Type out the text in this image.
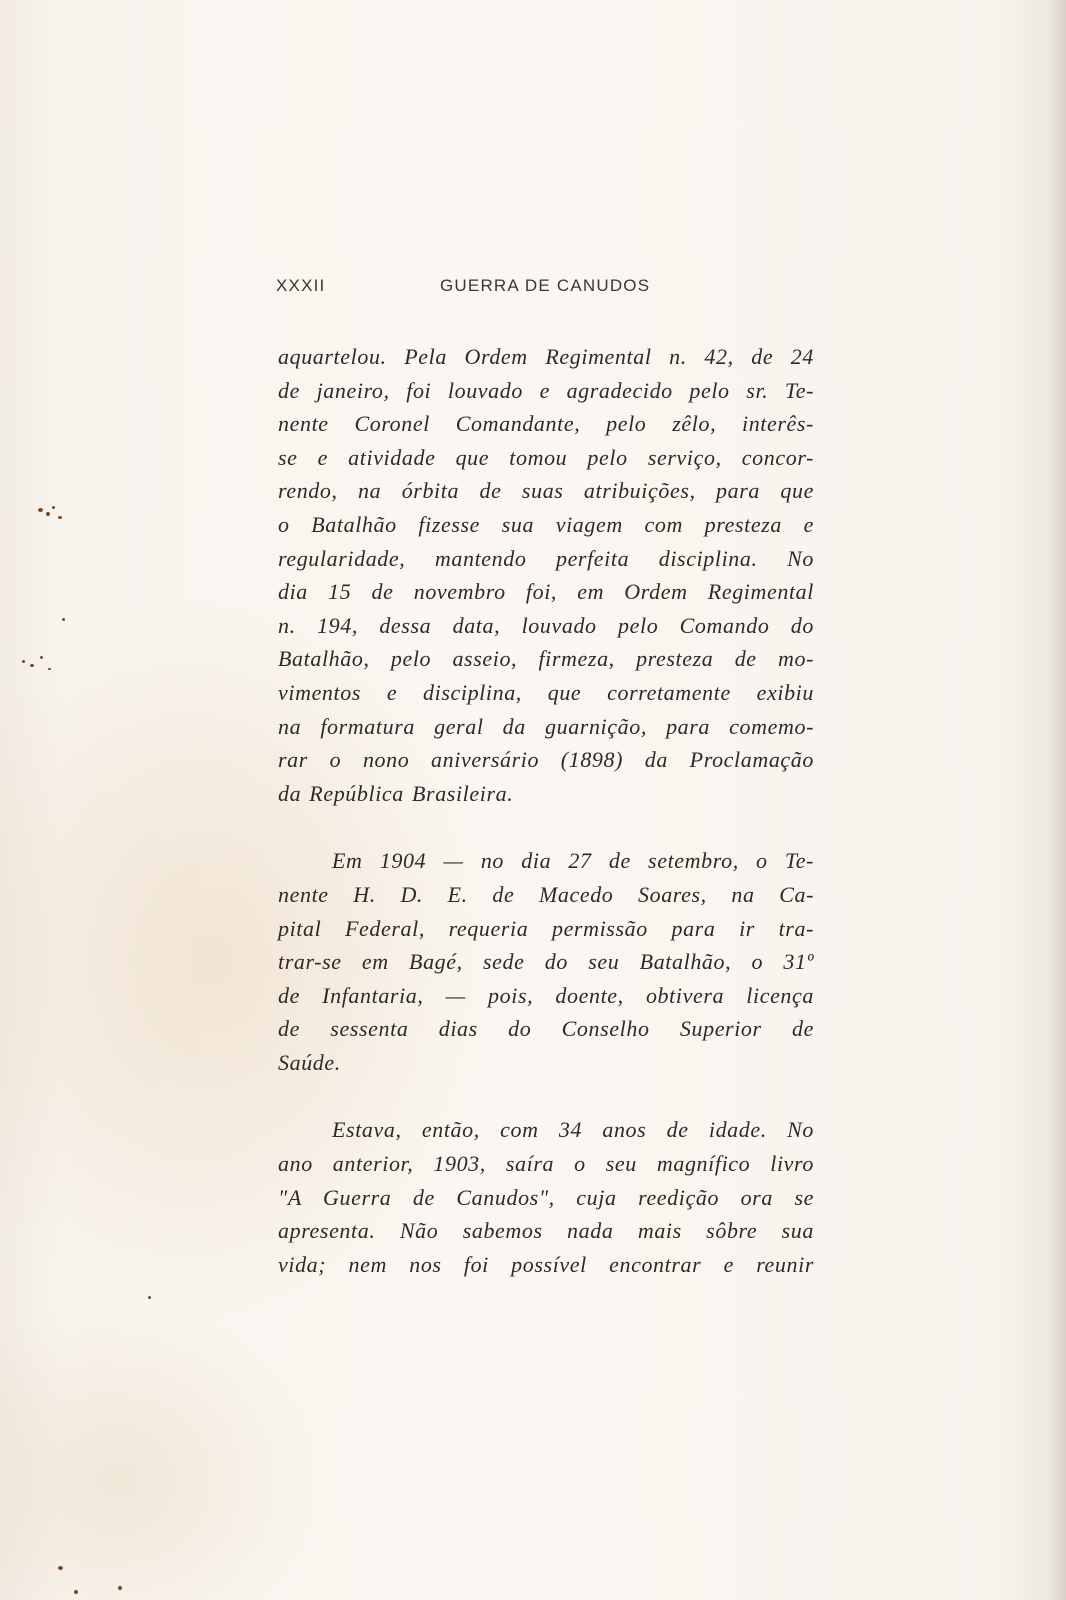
XXXII	GUERRA DE CANUDOS
aquartelou. Pela Ordem Regimental n. 42, de 24
de janeiro, foi louvado e agradecido pelo sr. Te-
nente Coronel Comandante, pelo zêlo, interês-
se e atividade que tomou pelo serviço, concor-
rendo, na órbita de suas atribuições, para que
o Batalhão fizesse sua viagem com presteza e
regularidade, mantendo perfeita disciplina. No
dia 15 de novembro foi, em Ordem Regimental
n. 194, dessa data, louvado pelo Comando do
Batalhão, pelo asseio, firmeza, presteza de mo-
vimentos e disciplina, que corretamente exibiu
na formatura geral da guarnição, para comemo-
rar o nono aniversário (1898) da Proclamação
da República Brasileira.
Em 1904 — no dia 27 de setembro, o Te-
nente H. D. E. de Macedo Soares, na Ca-
pital Federal, requeria permissão para ir tra-
trar-se em Bagé, sede do seu Batalhão, o 31º
de Infantaria, — pois, doente, obtivera licença
de sessenta dias do Conselho Superior de
Saúde.
Estava, então, com 34 anos de idade. No
ano anterior, 1903, saíra o seu magnífico livro
"A Guerra de Canudos", cuja reedição ora se
apresenta. Não sabemos nada mais sôbre sua
vida; nem nos foi possível encontrar e reunir
